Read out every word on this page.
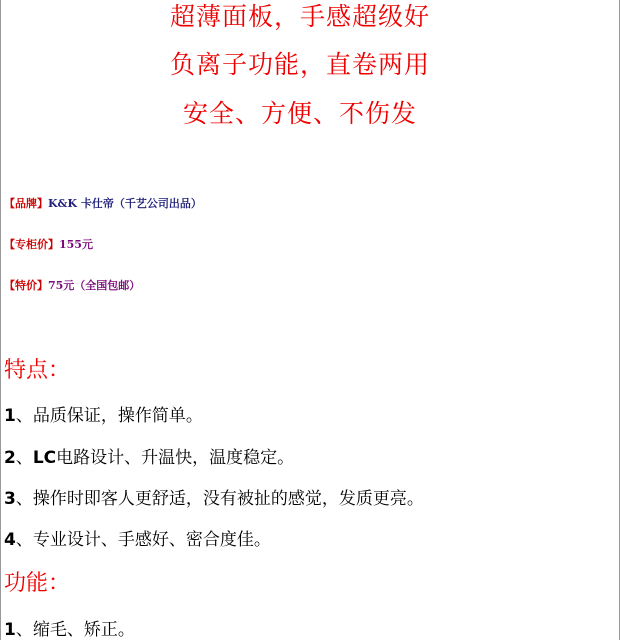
超薄面板，手感超级好
负离子功能，直卷两用
安全、方便、不伤发
【品牌】K&K 卡仕帝（千艺公司出品）
【专柜价】155元
【特价】75元（全国包邮）
特点：
1、品质保证，操作简单。
2、LC电路设计、升温快，温度稳定。
3、操作时即客人更舒适，没有被扯的感觉，发质更亮。
4、专业设计、手感好、密合度佳。
功能：
1、缩毛、矫正。
